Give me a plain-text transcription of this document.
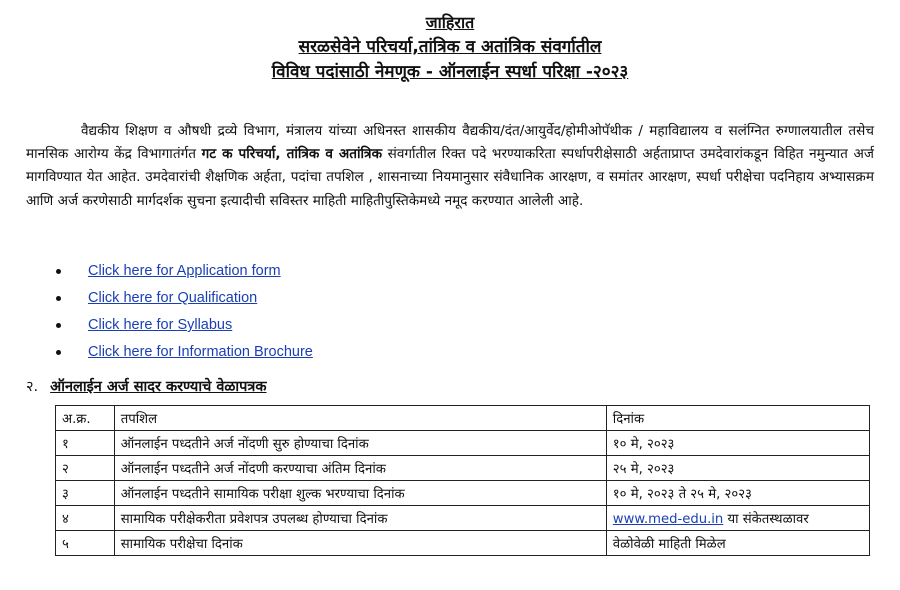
जाहिरात
सरळसेवेने परिचर्या,तांत्रिक व अतांत्रिक संवर्गातील
विविध पदांसाठी नेमणूक - ऑनलाईन स्पर्धा परिक्षा -२०२३
वैद्यकीय शिक्षण व औषधी द्रव्ये विभाग, मंत्रालय यांच्या अधिनस्त शासकीय वैद्यकीय/दंत/आयुर्वेद/होमीओपॅथीक / महाविद्यालय व सलंग्नित रुग्णालयातील तसेच मानसिक आरोग्य केंद्र विभागातंर्गत गट क परिचर्या, तांत्रिक व अतांत्रिक संवर्गातील रिक्त पदे भरण्याकरिता स्पर्धापरीक्षेसाठी अर्हताप्राप्त उमदेवारांकडून विहित नमुन्यात अर्ज मागविण्यात येत आहेत. उमदेवारांची शैक्षणिक अर्हता, पदांचा तपशिल , शासनाच्या नियमानुसार संवैधानिक आरक्षण, व समांतर आरक्षण, स्पर्धा परीक्षेचा पदनिहाय अभ्यासक्रम आणि अर्ज करणेसाठी मार्गदर्शक सुचना इत्यादीची सविस्तर माहिती माहितीपुस्तिकेमध्ये नमूद करण्यात आलेली आहे.
Click here for Application form
Click here for Qualification
Click here for Syllabus
Click here for Information Brochure
२. ऑनलाईन अर्ज सादर करण्याचे वेळापत्रक
अ.क्र.	तपशिल	दिनांक
१	ऑनलाईन पध्दतीने अर्ज नोंदणी सुरु होण्याचा दिनांक	१० मे, २०२३
२	ऑनलाईन पध्दतीने अर्ज नोंदणी करण्याचा अंतिम दिनांक	२५ मे, २०२३
३	ऑनलाईन पध्दतीने सामायिक परीक्षा शुल्क भरण्याचा दिनांक	१० मे, २०२३ ते २५ मे, २०२३
४	सामायिक परीक्षेकरीता प्रवेशपत्र उपलब्ध होण्याचा दिनांक	www.med-edu.in या संकेतस्थळावर
५	सामायिक परीक्षेचा दिनांक	वेळोवेळी माहिती मिळेल
